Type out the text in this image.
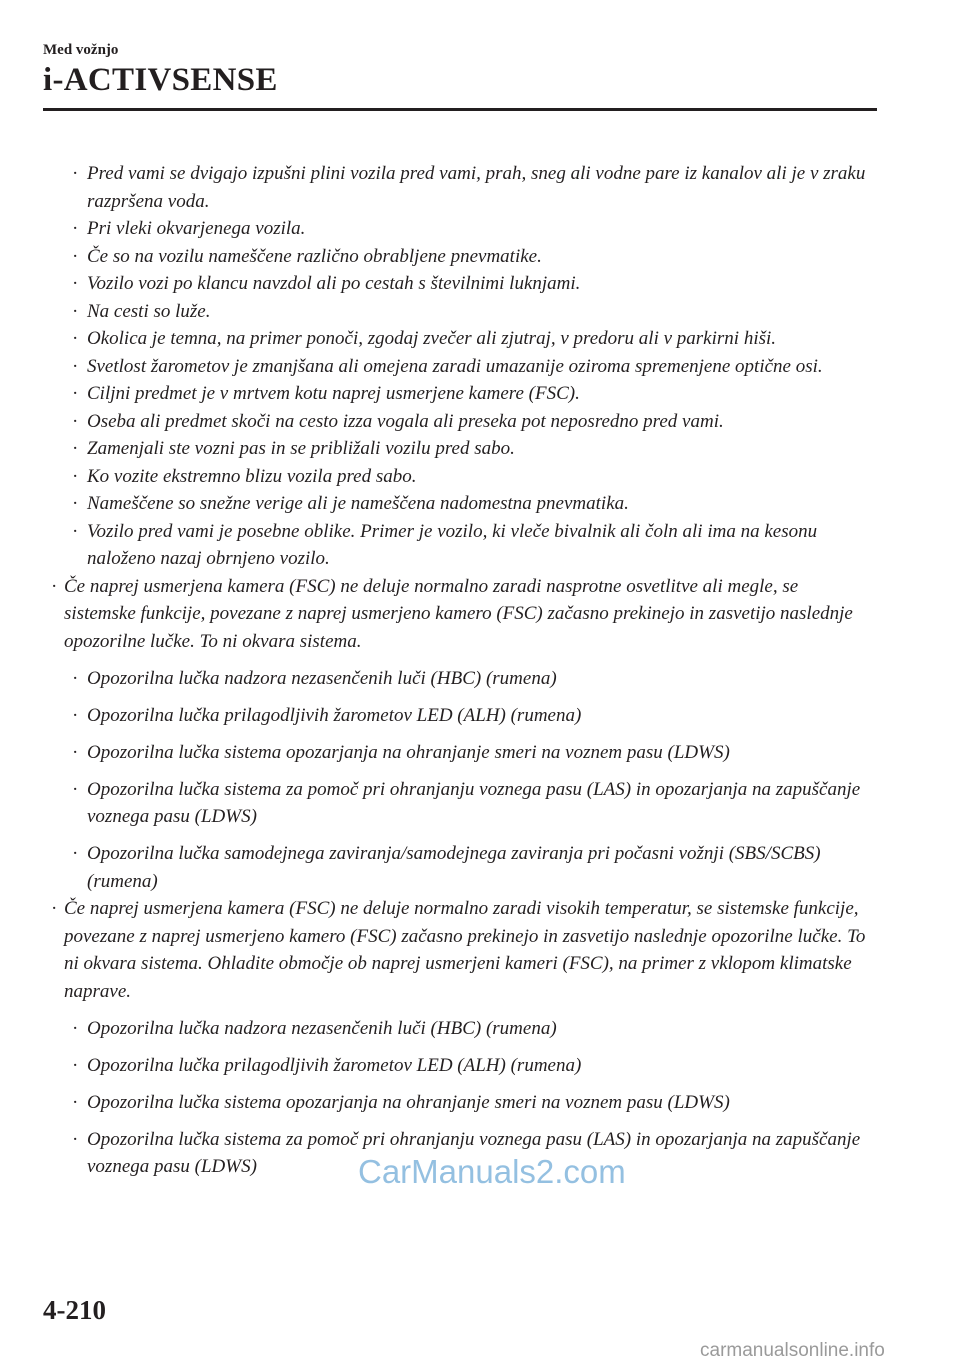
Med vožnjo
i-ACTIVSENSE
· Pred vami se dvigajo izpušni plini vozila pred vami, prah, sneg ali vodne pare iz kanalov ali je v zraku razpršena voda.
· Pri vleki okvarjenega vozila.
· Če so na vozilu nameščene različno obrabljene pnevmatike.
· Vozilo vozi po klancu navzdol ali po cestah s številnimi luknjami.
· Na cesti so luže.
· Okolica je temna, na primer ponoči, zgodaj zvečer ali zjutraj, v predoru ali v parkirni hiši.
· Svetlost žarometov je zmanjšana ali omejena zaradi umazanije oziroma spremenjene optične osi.
· Ciljni predmet je v mrtvem kotu naprej usmerjene kamere (FSC).
· Oseba ali predmet skoči na cesto izza vogala ali preseka pot neposredno pred vami.
· Zamenjali ste vozni pas in se približali vozilu pred sabo.
· Ko vozite ekstremno blizu vozila pred sabo.
· Nameščene so snežne verige ali je nameščena nadomestna pnevmatika.
· Vozilo pred vami je posebne oblike. Primer je vozilo, ki vleče bivalnik ali čoln ali ima na kesonu naloženo nazaj obrnjeno vozilo.
· Če naprej usmerjena kamera (FSC) ne deluje normalno zaradi nasprotne osvetlitve ali megle, se sistemske funkcije, povezane z naprej usmerjeno kamero (FSC) začasno prekinejo in zasvetijo naslednje opozorilne lučke. To ni okvara sistema.
· Opozorilna lučka nadzora nezasenčenih luči (HBC) (rumena)
· Opozorilna lučka prilagodljivih žarometov LED (ALH) (rumena)
· Opozorilna lučka sistema opozarjanja na ohranjanje smeri na voznem pasu (LDWS)
· Opozorilna lučka sistema za pomoč pri ohranjanju voznega pasu (LAS) in opozarjanja na zapuščanje voznega pasu (LDWS)
· Opozorilna lučka samodejnega zaviranja/samodejnega zaviranja pri počasni vožnji (SBS/SCBS) (rumena)
· Če naprej usmerjena kamera (FSC) ne deluje normalno zaradi visokih temperatur, se sistemske funkcije, povezane z naprej usmerjeno kamero (FSC) začasno prekinejo in zasvetijo naslednje opozorilne lučke. To ni okvara sistema. Ohladite območje ob naprej usmerjeni kameri (FSC), na primer z vklopom klimatske naprave.
· Opozorilna lučka nadzora nezasenčenih luči (HBC) (rumena)
· Opozorilna lučka prilagodljivih žarometov LED (ALH) (rumena)
· Opozorilna lučka sistema opozarjanja na ohranjanje smeri na voznem pasu (LDWS)
· Opozorilna lučka sistema za pomoč pri ohranjanju voznega pasu (LAS) in opozarjanja na zapuščanje voznega pasu (LDWS)	CarManuals2.com
4-210
carmanualsonline.info
